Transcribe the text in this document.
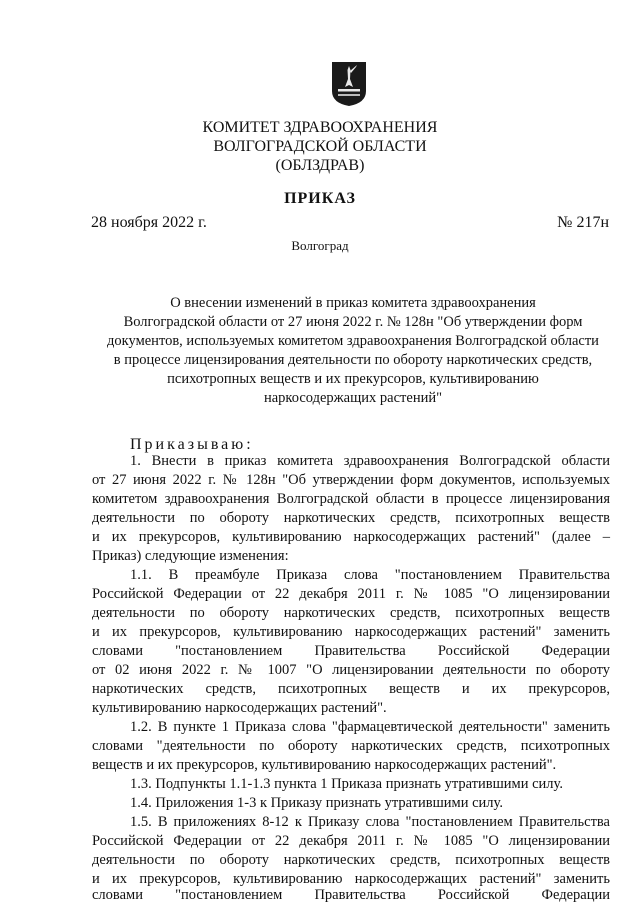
КОМИТЕТ ЗДРАВООХРАНЕНИЯ
ВОЛГОГРАДСКОЙ ОБЛАСТИ
(ОБЛЗДРАВ)
ПРИКАЗ
28 ноября 2022 г.	№ 217н
Волгоград
О внесении изменений в приказ комитета здравоохранения
Волгоградской области от 27 июня 2022 г. № 128н "Об утверждении форм
документов, используемых комитетом здравоохранения Волгоградской области
в процессе лицензирования деятельности по обороту наркотических средств,
психотропных веществ и их прекурсоров, культивированию
наркосодержащих растений"
Приказываю:
1. Внести в приказ комитета здравоохранения Волгоградской области
от 27 июня 2022 г. № 128н "Об утверждении форм документов, используемых
комитетом здравоохранения Волгоградской области в процессе лицензирования
деятельности по обороту наркотических средств, психотропных веществ
и их прекурсоров, культивированию наркосодержащих растений" (далее –
Приказ) следующие изменения:
1.1. В преамбуле Приказа слова "постановлением Правительства
Российской Федерации от 22 декабря 2011 г. № 1085 "О лицензировании
деятельности по обороту наркотических средств, психотропных веществ
и их прекурсоров, культивированию наркосодержащих растений" заменить
словами "постановлением Правительства Российской Федерации
от 02 июня 2022 г. № 1007 "О лицензировании деятельности по обороту
наркотических средств, психотропных веществ и их прекурсоров,
культивированию наркосодержащих растений".
1.2. В пункте 1 Приказа слова "фармацевтической деятельности" заменить
словами "деятельности по обороту наркотических средств, психотропных
веществ и их прекурсоров, культивированию наркосодержащих растений".
1.3. Подпункты 1.1-1.3 пункта 1 Приказа признать утратившими силу.
1.4. Приложения 1-3 к Приказу признать утратившими силу.
1.5. В приложениях 8-12 к Приказу слова "постановлением Правительства
Российской Федерации от 22 декабря 2011 г. № 1085 "О лицензировании
деятельности по обороту наркотических средств, психотропных веществ
и их прекурсоров, культивированию наркосодержащих растений" заменить
словами "постановлением Правительства Российской Федерации
